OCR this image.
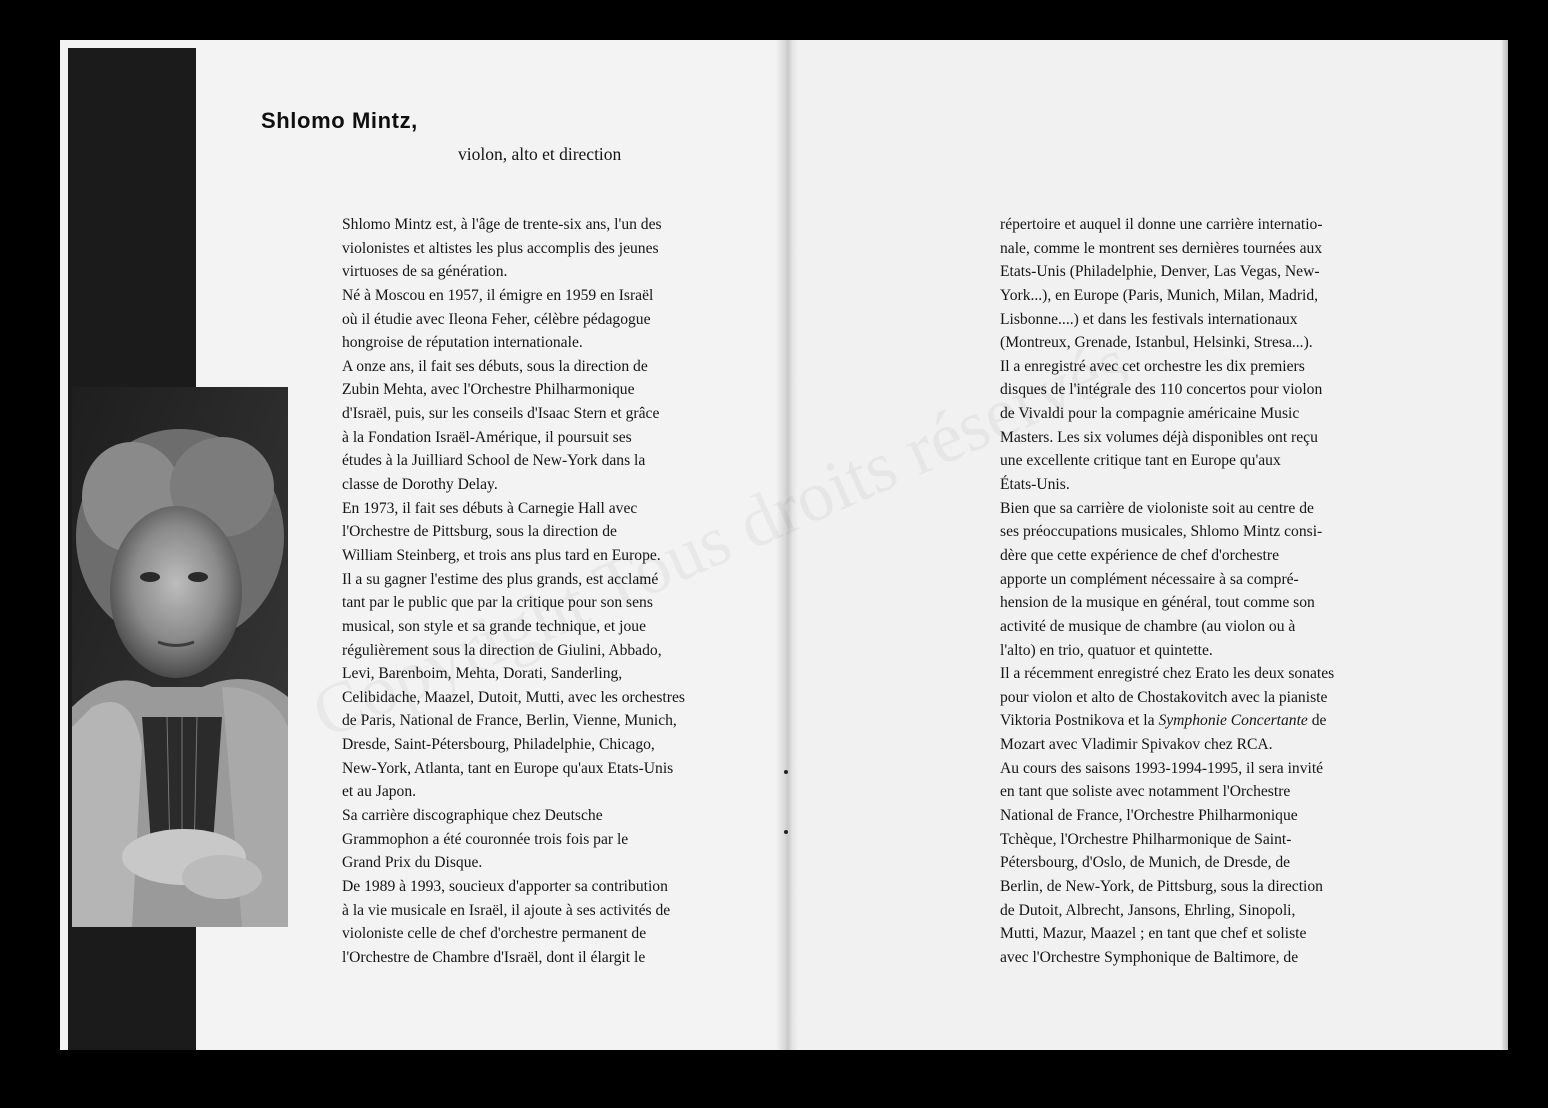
Shlomo Mintz,
violon, alto et direction
Shlomo Mintz est, à l'âge de trente-six ans, l'un des
violonistes et altistes les plus accomplis des jeunes
virtuoses de sa génération.
Né à Moscou en 1957, il émigre en 1959 en Israël
où il étudie avec Ileona Feher, célèbre pédagogue
hongroise de réputation internationale.
A onze ans, il fait ses débuts, sous la direction de
Zubin Mehta, avec l'Orchestre Philharmonique
d'Israël, puis, sur les conseils d'Isaac Stern et grâce
à la Fondation Israël-Amérique, il poursuit ses
études à la Juilliard School de New-York dans la
classe de Dorothy Delay.
En 1973, il fait ses débuts à Carnegie Hall avec
l'Orchestre de Pittsburg, sous la direction de
William Steinberg, et trois ans plus tard en Europe.
Il a su gagner l'estime des plus grands, est acclamé
tant par le public que par la critique pour son sens
musical, son style et sa grande technique, et joue
régulièrement sous la direction de Giulini, Abbado,
Levi, Barenboim, Mehta, Dorati, Sanderling,
Celibidache, Maazel, Dutoit, Mutti, avec les orchestres
de Paris, National de France, Berlin, Vienne, Munich,
Dresde, Saint-Pétersbourg, Philadelphie, Chicago,
New-York, Atlanta, tant en Europe qu'aux Etats-Unis
et au Japon.
Sa carrière discographique chez Deutsche
Grammophon a été couronnée trois fois par le
Grand Prix du Disque.
De 1989 à 1993, soucieux d'apporter sa contribution
à la vie musicale en Israël, il ajoute à ses activités de
violoniste celle de chef d'orchestre permanent de
l'Orchestre de Chambre d'Israël, dont il élargit le
répertoire et auquel il donne une carrière internatio-
nale, comme le montrent ses dernières tournées aux
Etats-Unis (Philadelphie, Denver, Las Vegas, New-
York...), en Europe (Paris, Munich, Milan, Madrid,
Lisbonne....) et dans les festivals internationaux
(Montreux, Grenade, Istanbul, Helsinki, Stresa...).
Il a enregistré avec cet orchestre les dix premiers
disques de l'intégrale des 110 concertos pour violon
de Vivaldi pour la compagnie américaine Music
Masters. Les six volumes déjà disponibles ont reçu
une excellente critique tant en Europe qu'aux
États-Unis.
Bien que sa carrière de violoniste soit au centre de
ses préoccupations musicales, Shlomo Mintz consi-
dère que cette expérience de chef d'orchestre
apporte un complément nécessaire à sa compré-
hension de la musique en général, tout comme son
activité de musique de chambre (au violon ou à
l'alto) en trio, quatuor et quintette.
Il a récemment enregistré chez Erato les deux sonates
pour violon et alto de Chostakovitch avec la pianiste
Viktoria Postnikova et la Symphonie Concertante de
Mozart avec Vladimir Spivakov chez RCA.
Au cours des saisons 1993-1994-1995, il sera invité
en tant que soliste avec notamment l'Orchestre
National de France, l'Orchestre Philharmonique
Tchèque, l'Orchestre Philharmonique de Saint-
Pétersbourg, d'Oslo, de Munich, de Dresde, de
Berlin, de New-York, de Pittsburg, sous la direction
de Dutoit, Albrecht, Jansons, Ehrling, Sinopoli,
Mutti, Mazur, Maazel ; en tant que chef et soliste
avec l'Orchestre Symphonique de Baltimore, de
